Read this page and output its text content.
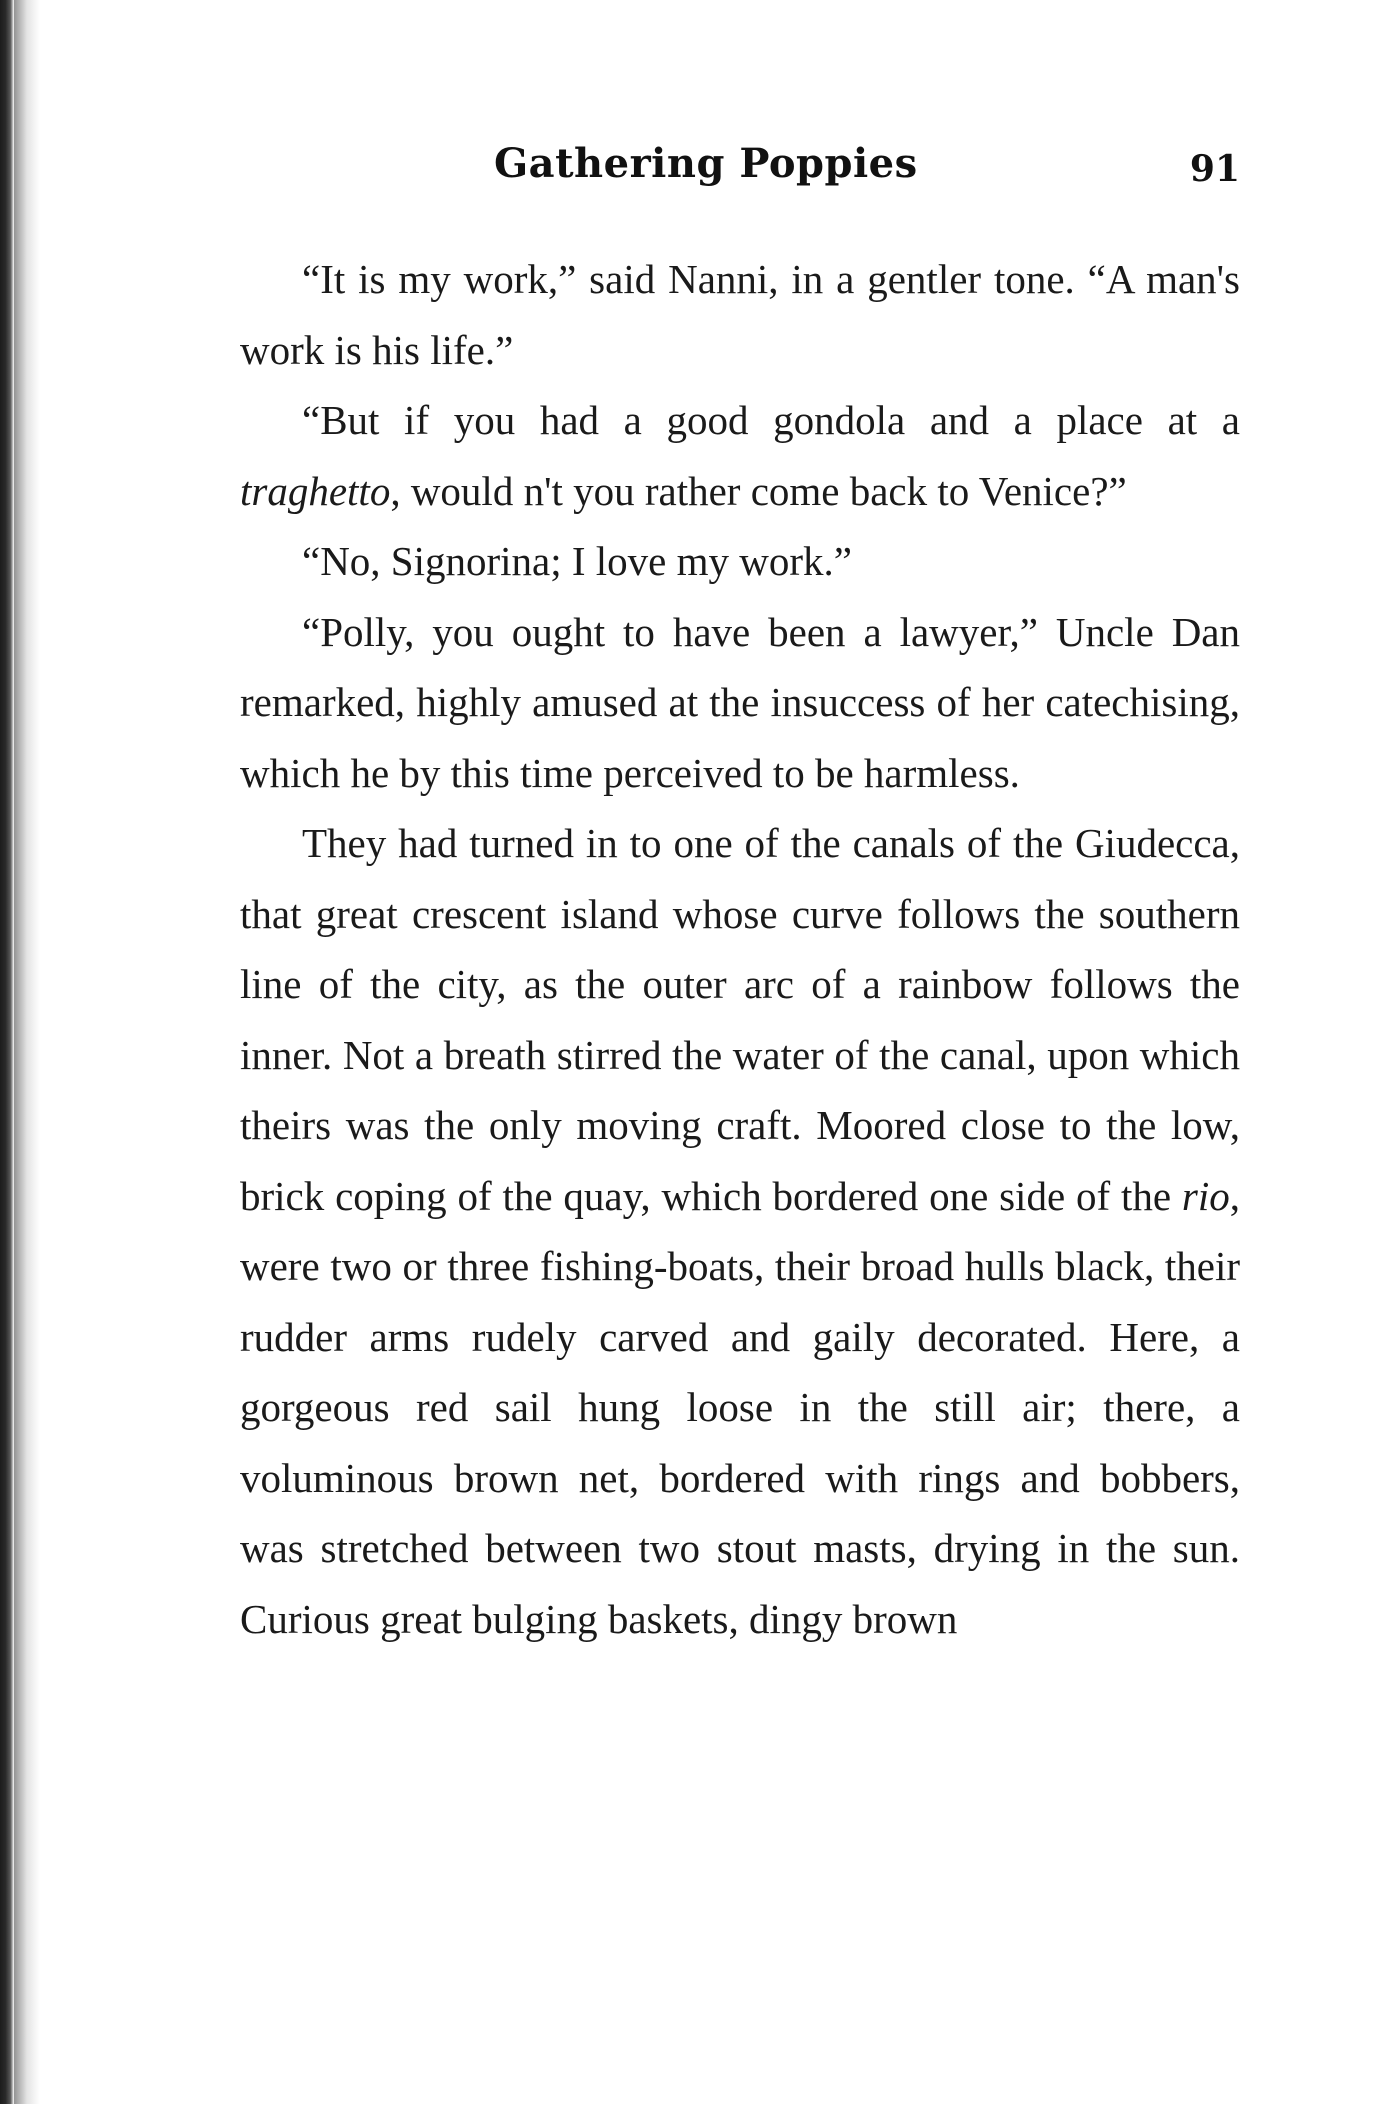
Gathering Poppies	91

“It is my work,” said Nanni, in a gentler tone. “A man's work is his life.”

“But if you had a good gondola and a place at a traghetto, would n't you rather come back to Venice?”

“No, Signorina; I love my work.”

“Polly, you ought to have been a lawyer,” Uncle Dan remarked, highly amused at the insuccess of her catechising, which he by this time perceived to be harmless.

They had turned in to one of the canals of the Giudecca, that great crescent island whose curve follows the southern line of the city, as the outer arc of a rainbow follows the inner. Not a breath stirred the water of the canal, upon which theirs was the only moving craft. Moored close to the low, brick coping of the quay, which bordered one side of the rio, were two or three fishing-boats, their broad hulls black, their rudder arms rudely carved and gaily decorated. Here, a gorgeous red sail hung loose in the still air; there, a voluminous brown net, bordered with rings and bobbers, was stretched between two stout masts, drying in the sun. Curious great bulging baskets, dingy brown
